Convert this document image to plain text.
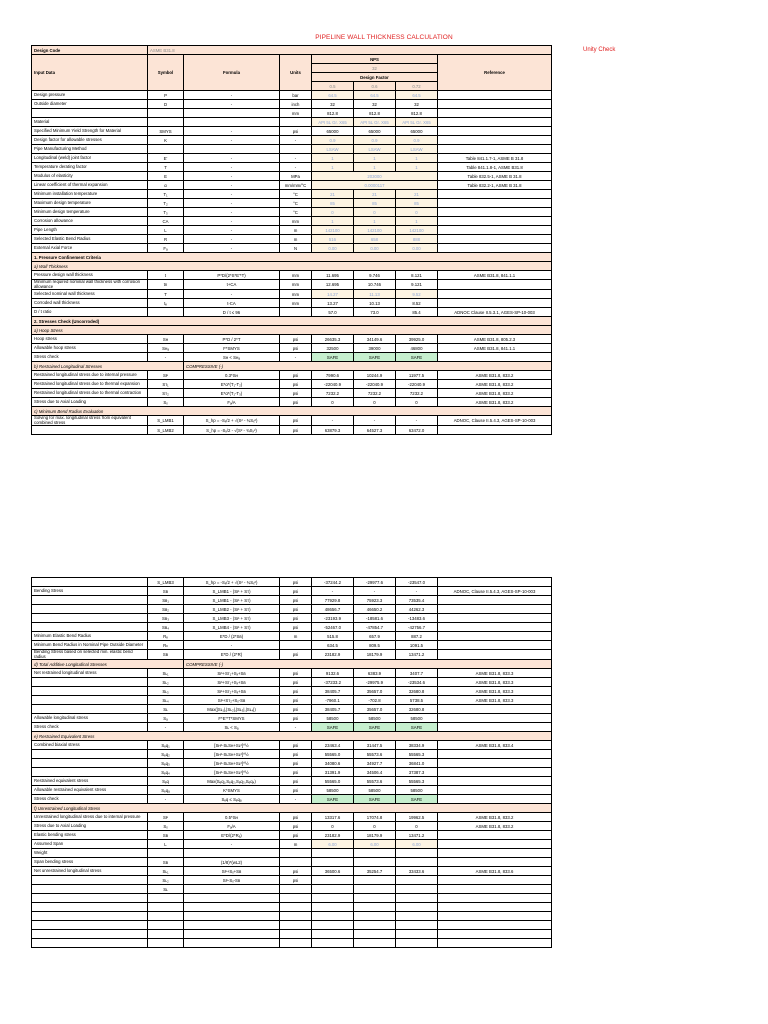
PIPELINE WALL THICKNESS CALCULATION
Unity Check
Design Code	ASME B31.8						
Input Data	Symbol	Formula	Units	NPS			Reference
				32			
				Design Factor			
				0.5	0.6	0.72	
Design pressure	P	-	bar	64.5	64.5	64.5	
Outside diameter	D	-	inch	32	32	32	
			mm	812.8	812.8	812.8	
Material				API 5L Gr. X65	API 5L Gr. X65	API 5L Gr. X65	
Specified Minimum Yield Strength for Material	SMYS	-	psi	65000	65000	65000	
Design factor for allowable stresses	K	-	-	0.9	0.9	0.9	
Pipe Manufacturing Method				LSAW	LSAW	LSAW	
Longitudinal (weld) joint factor	E'	-	-	1	1	1	Table 841.1.7-1, ASME B 31.8
Temperature derating factor	T	-	-	1	1	1	Table 841.1.8-1, ASME B31.8
Modulus of elasticity	E	-	MPa	203000			Table 832.5-1, ASME B 31.8
Linear coefficient of thermal expansion	α	-	mm/mm/°C	0.0000117			Table 832.2-1, ASME B 31.8
Minimum installation temperature	T₁	-	°C	21	21	21	
Maximum design temperature	T₂	-	°C	85	85	85	
Minimum design temperature	T₃	-	°C	0	0	0	
Corrosion allowance	CA	-	mm	1	1	1	
Pipe Length	L	-	m	142100	142100	142100	
Selected Elastic Bend Radius	R	-	m	516	658	888	
External Axial Force	Fₐ	-	N	0.00	0.00	0.00	
1. Pressure Confinement Criteria							
a) Wall Thickness							
Pressure design wall thickness	t	P*D/(2*S*E'*T)	mm	11.695	9.746	8.121	ASME B31.8, 841.1.1
Minimum required nominal wall thickness with corrosion allowance	tn	t+CA	mm	12.695	10.746	9.121	
Selected nominal wall thickness	T	-	mm	14.27	11.13	9.52	
Corroded wall thickness	tₑ	t-CA	mm	13.27	10.13	8.52	
D / t ratio		D / t ≤ 96		57.0	73.0	85.4	ADNOC Clause II.5.3.1, AGES-SP-10-003
2. Stresses Check (Uncorroded)							
a) Hoop Stress							
Hoop stress	Sʜ	P*D / 2*T	psi	26635.3	34149.6	39925.0	ASME B31.8, 805.2.3
Allowable hoop stress	Sʜₐ	F*SMYS	psi	32500	39000	46800	ASME B31.8, 841.1.1
Stress check	-	Sʜ < Sʜₐ	-	SAFE	SAFE	SAFE	
b) Restrained Longitudinal Stresses		COMPRESSIVE (-)					
Restrained longitudinal stress due to internal pressure	Sᴘ	0.3*Sʜ	psi	7990.6	10244.9	11977.5	ASME B31.8, 833.2
Restrained longitudinal stress due to thermal expansion	Sᴛ₁	E*α*(T₁-T₂)	psi	-22040.9	-22040.9	-22040.9	ASME B31.8, 833.2
Restrained longitudinal stress due to thermal contraction	Sᴛ₂	E*α*(T₁-T₃)	psi	7232.2	7232.2	7232.2	ASME B31.8, 833.2
Stress due to Axial Loading	Sₓ	Fₐ/A	psi	0	0	0	ASME B31.8, 833.2
c) Minimum Bend Radius Evaluation							
Solving for max. longitudinal stress from equivalent combined stress	S_LMB1	S_hp = -Sₓ/2 + √(S² - ¾Sₓ²)	psi	-	-	-	ADNOC, Clause II.5.4.3, AGES-SP-10-003
	S_LMB2	S_hp = -Sₓ/2 - √(S² - ¾Sₓ²)	psi	63879.3	64527.3	63472.0	
	S_LMB3	S_hp = -Sₓ/2 + √(S² - ¾Sₓ²)	psi	-37244.2	-29977.6	-23547.0	
Bending Stress	Sʙ	S_LMB1 - (Sᴘ + Sᴛ)	psi	-	-	-	ADNOC, Clause II.5.4.3, AGES-SP-10-003
	Sʙ₁	S_LMB1 - (Sᴘ + Sᴛ)	psi	77929.8	75923.3	73535.4	
	Sʙ₂	S_LMB2 - (Sᴘ + Sᴛ)	psi	48656.7	46650.2	44262.3	
	Sʙ₃	S_LMB3 - (Sᴘ + Sᴛ)	psi	-23193.9	-18581.6	-13483.6	
	Sʙ₄	S_LMB4 - (Sᴘ + Sᴛ)	psi	-52467.0	-47854.7	-42756.7	
Minimum Elastic Bend Radius	Rₑ	E*D / (2*Sʙ)	m	515.8	657.9	887.2	
Minimum Bend Radius in Nominal Pipe Outside Diameter	Rₙ	-		634.5	809.5	1091.5	
Bending Stress based on selected min. elastic bend radius	Sʙ	E*D / (2*R)	psi	23182.9	18179.9	13471.2	
d) Total Additive Longitudinal Stresses		COMPRESSIVE (-)					
Net restrained longitudinal stress	Sʟ₁	Sᴘ+Sᴛ₁+Sₓ+Sʙ	psi	9132.6	6383.9	3407.7	ASME B31.8, 833.3
	Sʟ₂	Sᴘ+Sᴛ₁+Sₓ+Sʙ	psi	-37233.2	-29975.9	-23534.6	ASME B31.8, 833.3
	Sʟ₃	Sᴘ+Sᴛ₂+Sₓ+Sʙ	psi	38405.7	35657.0	32680.8	ASME B31.8, 833.3
	Sʟ₄	Sᴘ+Sᴛ₂+Sₓ-Sʙ	psi	-7960.1	-702.8	5738.5	ASME B31.8, 833.3
	Sʟ	Max(|Sʟ₁|,|Sʟ₂|,|Sʟ₃|,|Sʟ₄|)	psi	38405.7	35657.0	32680.8	
Allowable longitudinal stress	Sₐ	F*E'*T*SMYS	psi	58500	58500	58500	
Stress check	-	Sʟ < Sₐ	-	SAFE	SAFE	SAFE	
e) Restrained Equivalent Stress							
Combined biaxial stress	Sₑq₁	[Sʜ²-SʟSʜ+Sʟ²]^½	psi	23463.4	31447.5	38334.9	ASME B31.8, 833.4
	Sₑq₂	[Sʜ²-SʟSʜ+Sʟ²]^½	psi	55565.0	55573.6	55565.3	
	Sₑq₃	[Sʜ²-SʟSʜ+Sʟ²]^½	psi	34080.6	34927.7	36841.0	
	Sₑq₄	[Sʜ²-SʟSʜ+Sʟ²]^½	psi	31391.9	34506.4	37387.3	
Restrained equivalent stress	Sₑq	Max(Sₑq₁,Sₑq₂,Sₑq₃,Sₑq₄)	psi	55565.0	55573.6	55565.3	
Allowable restrained equivalent stress	Sₑqₐ	K*SMYS	psi	58500	58500	58500	
Stress check	-	Sₑq ≤ Sₑqₐ	-	SAFE	SAFE	SAFE	
f) Unrestrained Longitudinal Stress							
Unrestrained longitudinal stress due to internal pressure	Sᴘ	0.5*Sʜ	psi	13317.6	17074.8	19962.5	ASME B31.8, 833.2
Stress due to Axial Loading	Sₓ	Fₐ/A	psi	0	0	0	ASME B31.8, 833.2
Elastic bending stress	Sʙ	E*D/(2*Rₑ)	psi	23182.9	18179.9	13471.2	
Assumed Span	L	-	m	6.00	6.00	6.00	
Weight							
Span bending stress	Sʙ	(1/8)*(wL2)					
Net unrestrained longitudinal stress	Sʟ₁	Sᴘ+Sₓ+Sʙ	psi	36500.6	35254.7	33433.6	ASME B31.8, 833.6
	Sʟ₂	Sᴘ-Sₓ-Sʙ	psi				
	Sʟ						
